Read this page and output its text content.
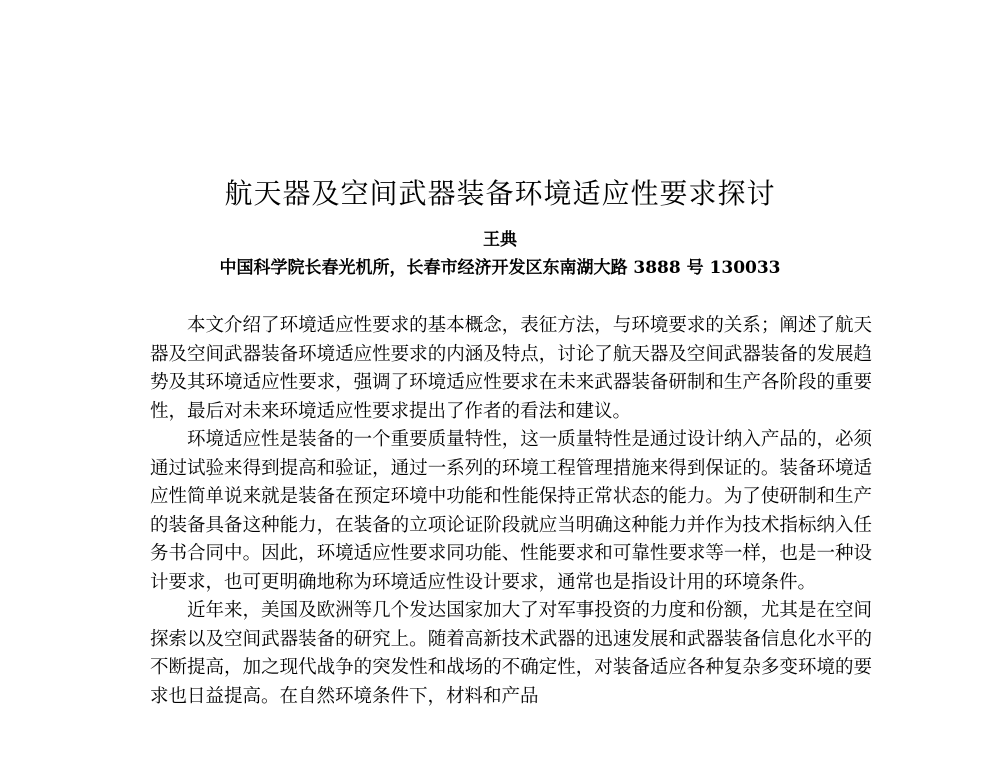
航天器及空间武器装备环境适应性要求探讨
王典
中国科学院长春光机所，长春市经济开发区东南湖大路 3888 号 130033

本文介绍了环境适应性要求的基本概念，表征方法，与环境要求的关系；阐述了航天器及空间武器装备环境适应性要求的内涵及特点，讨论了航天器及空间武器装备的发展趋势及其环境适应性要求，强调了环境适应性要求在未来武器装备研制和生产各阶段的重要性，最后对未来环境适应性要求提出了作者的看法和建议。

环境适应性是装备的一个重要质量特性，这一质量特性是通过设计纳入产品的，必须通过试验来得到提高和验证，通过一系列的环境工程管理措施来得到保证的。装备环境适应性简单说来就是装备在预定环境中功能和性能保持正常状态的能力。为了使研制和生产的装备具备这种能力，在装备的立项论证阶段就应当明确这种能力并作为技术指标纳入任务书合同中。因此，环境适应性要求同功能、性能要求和可靠性要求等一样，也是一种设计要求，也可更明确地称为环境适应性设计要求，通常也是指设计用的环境条件。

近年来，美国及欧洲等几个发达国家加大了对军事投资的力度和份额，尤其是在空间探索以及空间武器装备的研究上。随着高新技术武器的迅速发展和武器装备信息化水平的不断提高，加之现代战争的突发性和战场的不确定性，对装备适应各种复杂多变环境的要求也日益提高。在自然环境条件下，材料和产品
